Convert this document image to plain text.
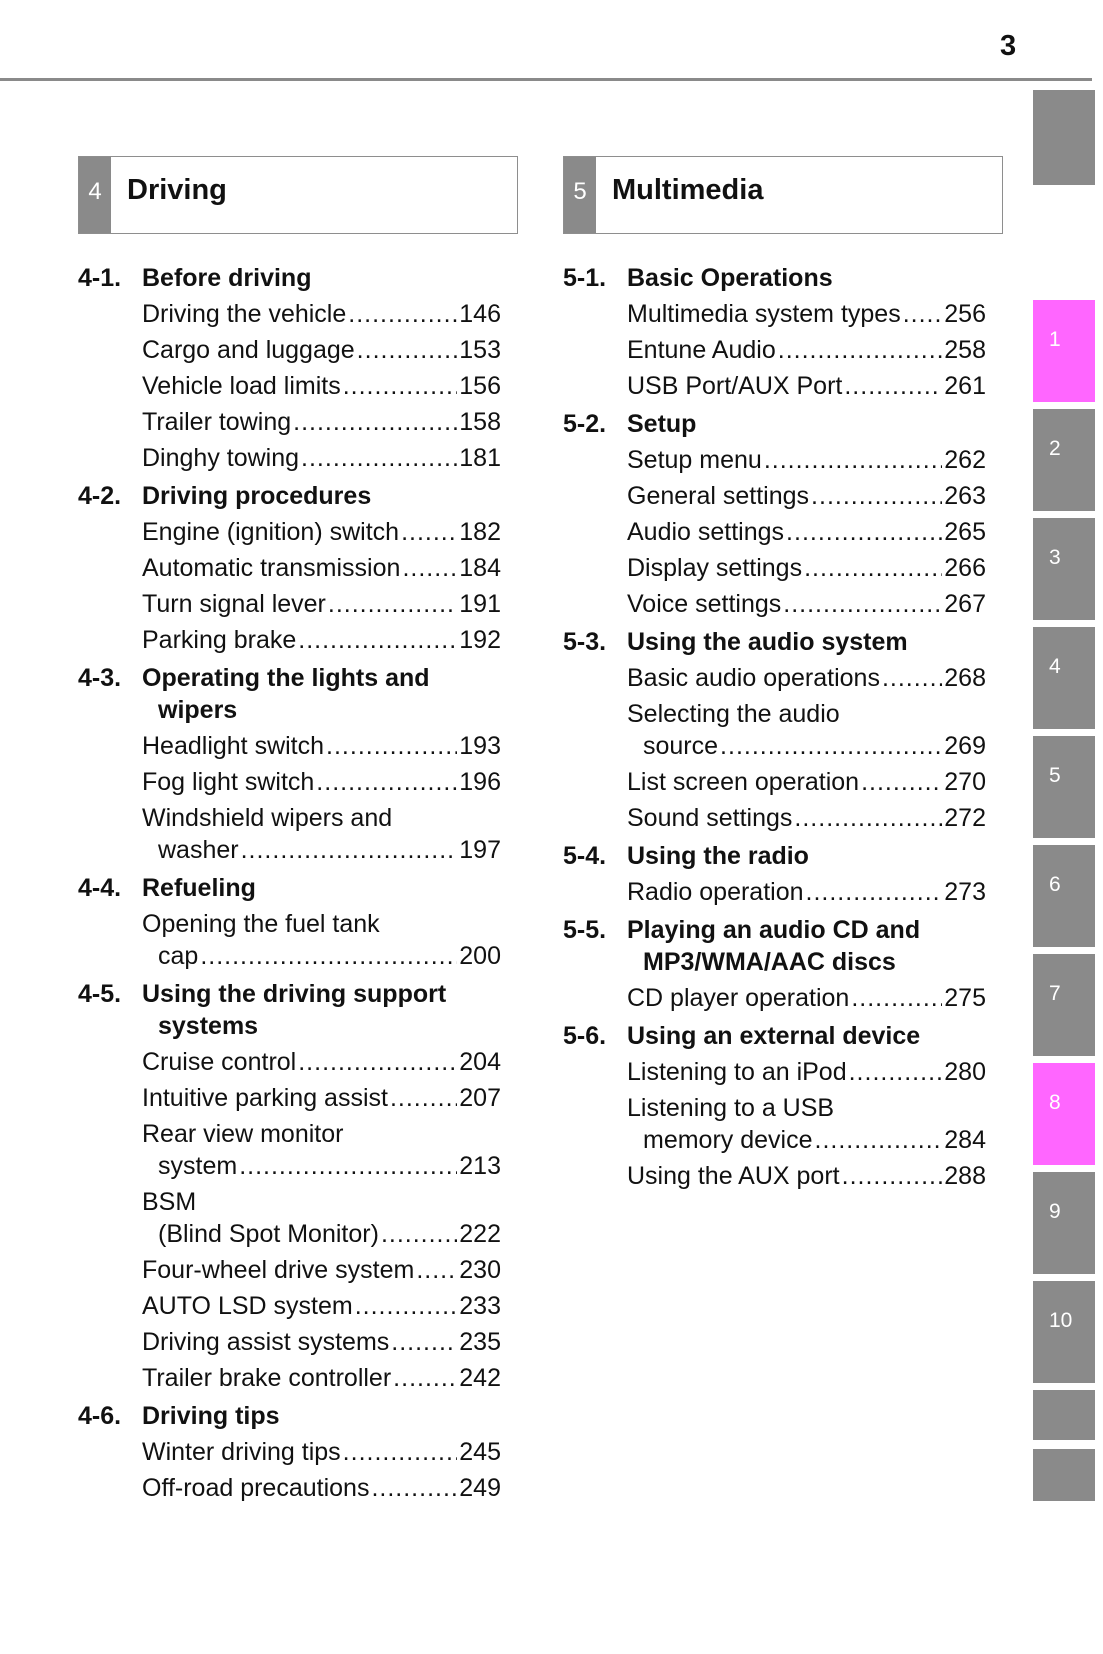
3
4 Driving	5 Multimedia
4-1. Before driving
Driving the vehicle .....	146
Cargo and luggage .....	153
Vehicle load limits .....	156
Trailer towing .....	158
Dinghy towing .....	181
4-2. Driving procedures
Engine (ignition) switch ..... 182
Automatic transmission ..... 184
Turn signal lever .....	191
Parking brake .....	192
4-3. Operating the lights and
wipers
Headlight switch .....	193
Fog light switch .....	196
Windshield wipers and
washer .....	197
4-4. Refueling
Opening the fuel tank
cap .....	200
4-5. Using the driving support
systems
Cruise control .....	204
Intuitive parking assist .....	207
Rear view monitor
system .....	213
BSM
(Blind Spot Monitor) .....	222
Four-wheel drive system ..... 230
AUTO LSD system .....	233
Driving assist systems .....	235
Trailer brake controller .....	242
4-6. Driving tips
Winter driving tips .....	245
Off-road precautions .....	249
5-1. Basic Operations
Multimedia system types ..... 256
Entune Audio .....	258
USB Port/AUX Port .....	261
5-2. Setup
Setup menu .....	262
General settings .....	263
Audio settings .....	265
Display settings .....	266
Voice settings .....	267
5-3. Using the audio system
Basic audio operations .....	268
Selecting the audio
source .....	269
List screen operation .....	270
Sound settings .....	272
5-4. Using the radio
Radio operation .....	273
5-5. Playing an audio CD and
MP3/WMA/AAC discs
CD player operation .....	275
5-6. Using an external device
Listening to an iPod .....	280
Listening to a USB
memory device .....	284
Using the AUX port .....	288
1
2
3
4
5
6
7
8
9
10
